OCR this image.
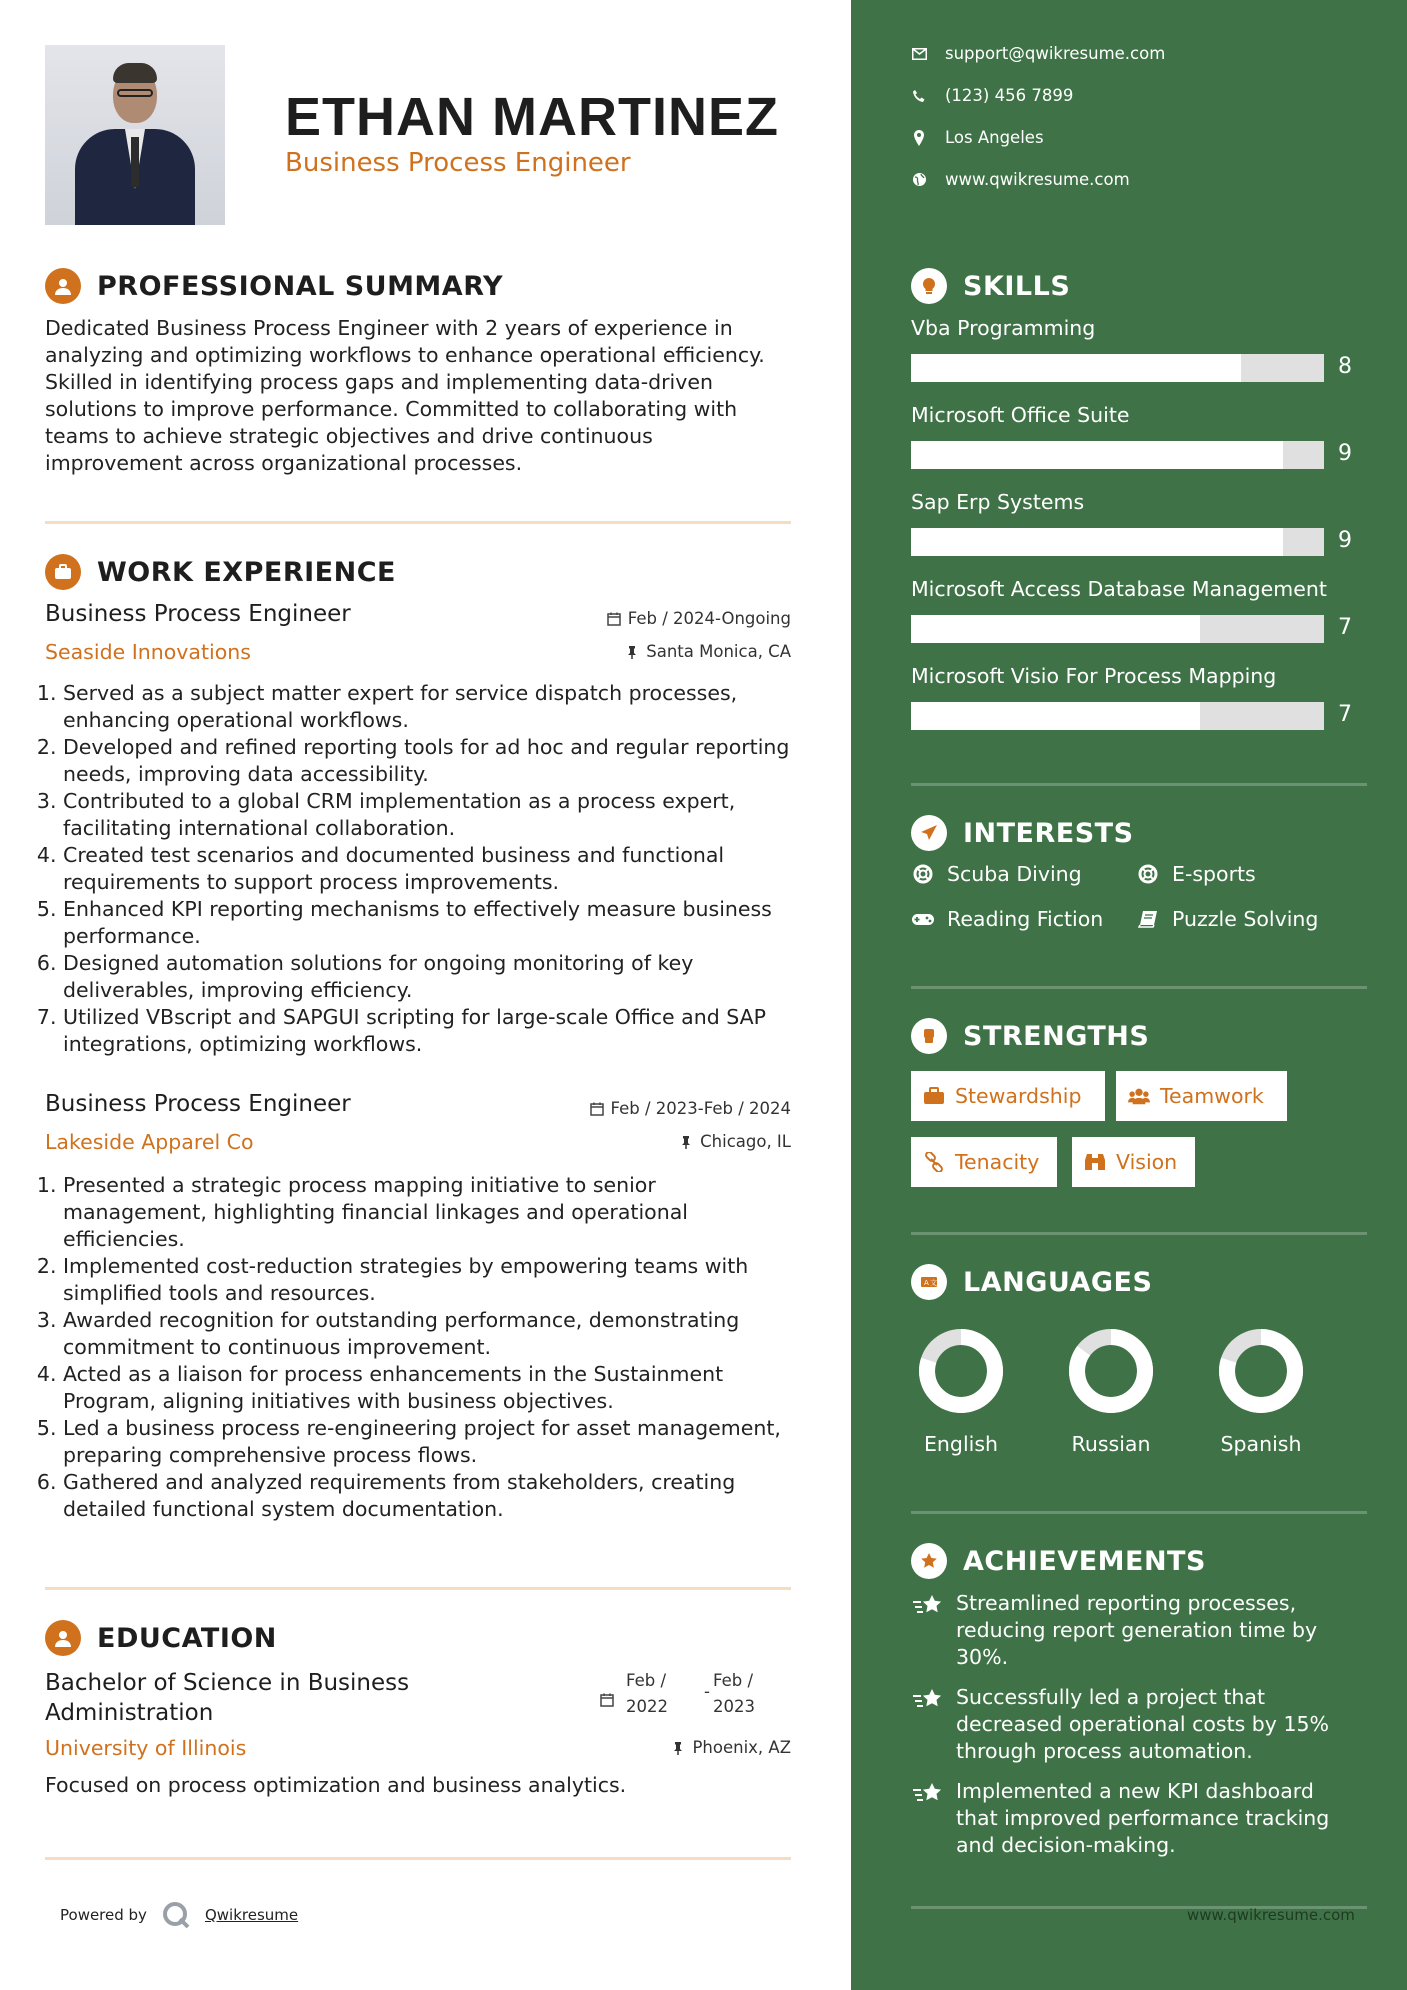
ETHAN MARTINEZ
Business Process Engineer
PROFESSIONAL SUMMARY
Dedicated Business Process Engineer with 2 years of experience in analyzing and optimizing workflows to enhance operational efficiency. Skilled in identifying process gaps and implementing data-driven solutions to improve performance. Committed to collaborating with teams to achieve strategic objectives and drive continuous improvement across organizational processes.
WORK EXPERIENCE
Business Process Engineer	Feb / 2024-Ongoing
Seaside Innovations	Santa Monica, CA
1. Served as a subject matter expert for service dispatch processes, enhancing operational workflows.
2. Developed and refined reporting tools for ad hoc and regular reporting needs, improving data accessibility.
3. Contributed to a global CRM implementation as a process expert, facilitating international collaboration.
4. Created test scenarios and documented business and functional requirements to support process improvements.
5. Enhanced KPI reporting mechanisms to effectively measure business performance.
6. Designed automation solutions for ongoing monitoring of key deliverables, improving efficiency.
7. Utilized VBscript and SAPGUI scripting for large-scale Office and SAP integrations, optimizing workflows.
Business Process Engineer	Feb / 2023-Feb / 2024
Lakeside Apparel Co	Chicago, IL
1. Presented a strategic process mapping initiative to senior management, highlighting financial linkages and operational efficiencies.
2. Implemented cost-reduction strategies by empowering teams with simplified tools and resources.
3. Awarded recognition for outstanding performance, demonstrating commitment to continuous improvement.
4. Acted as a liaison for process enhancements in the Sustainment Program, aligning initiatives with business objectives.
5. Led a business process re-engineering project for asset management, preparing comprehensive process flows.
6. Gathered and analyzed requirements from stakeholders, creating detailed functional system documentation.
EDUCATION
Bachelor of Science in Business
Administration
Feb /
2022
-
Feb /
2023
University of Illinois	Phoenix, AZ
Focused on process optimization and business analytics.
Powered by	Qwikresume
support@qwikresume.com
(123) 456 7899
Los Angeles
www.qwikresume.com
SKILLS
Vba Programming
8
Microsoft Office Suite
9
Sap Erp Systems
9
Microsoft Access Database Management
7
Microsoft Visio For Process Mapping
7
INTERESTS
Scuba Diving	E-sports
Reading Fiction	Puzzle Solving
STRENGTHS
Stewardship	Teamwork
Tenacity	Vision
A 文 LANGUAGES
English	Russian	Spanish
ACHIEVEMENTS
Streamlined reporting processes, reducing report generation time by 30%.
Successfully led a project that decreased operational costs by 15% through process automation.
Implemented a new KPI dashboard that improved performance tracking and decision-making.
www.qwikresume.com
